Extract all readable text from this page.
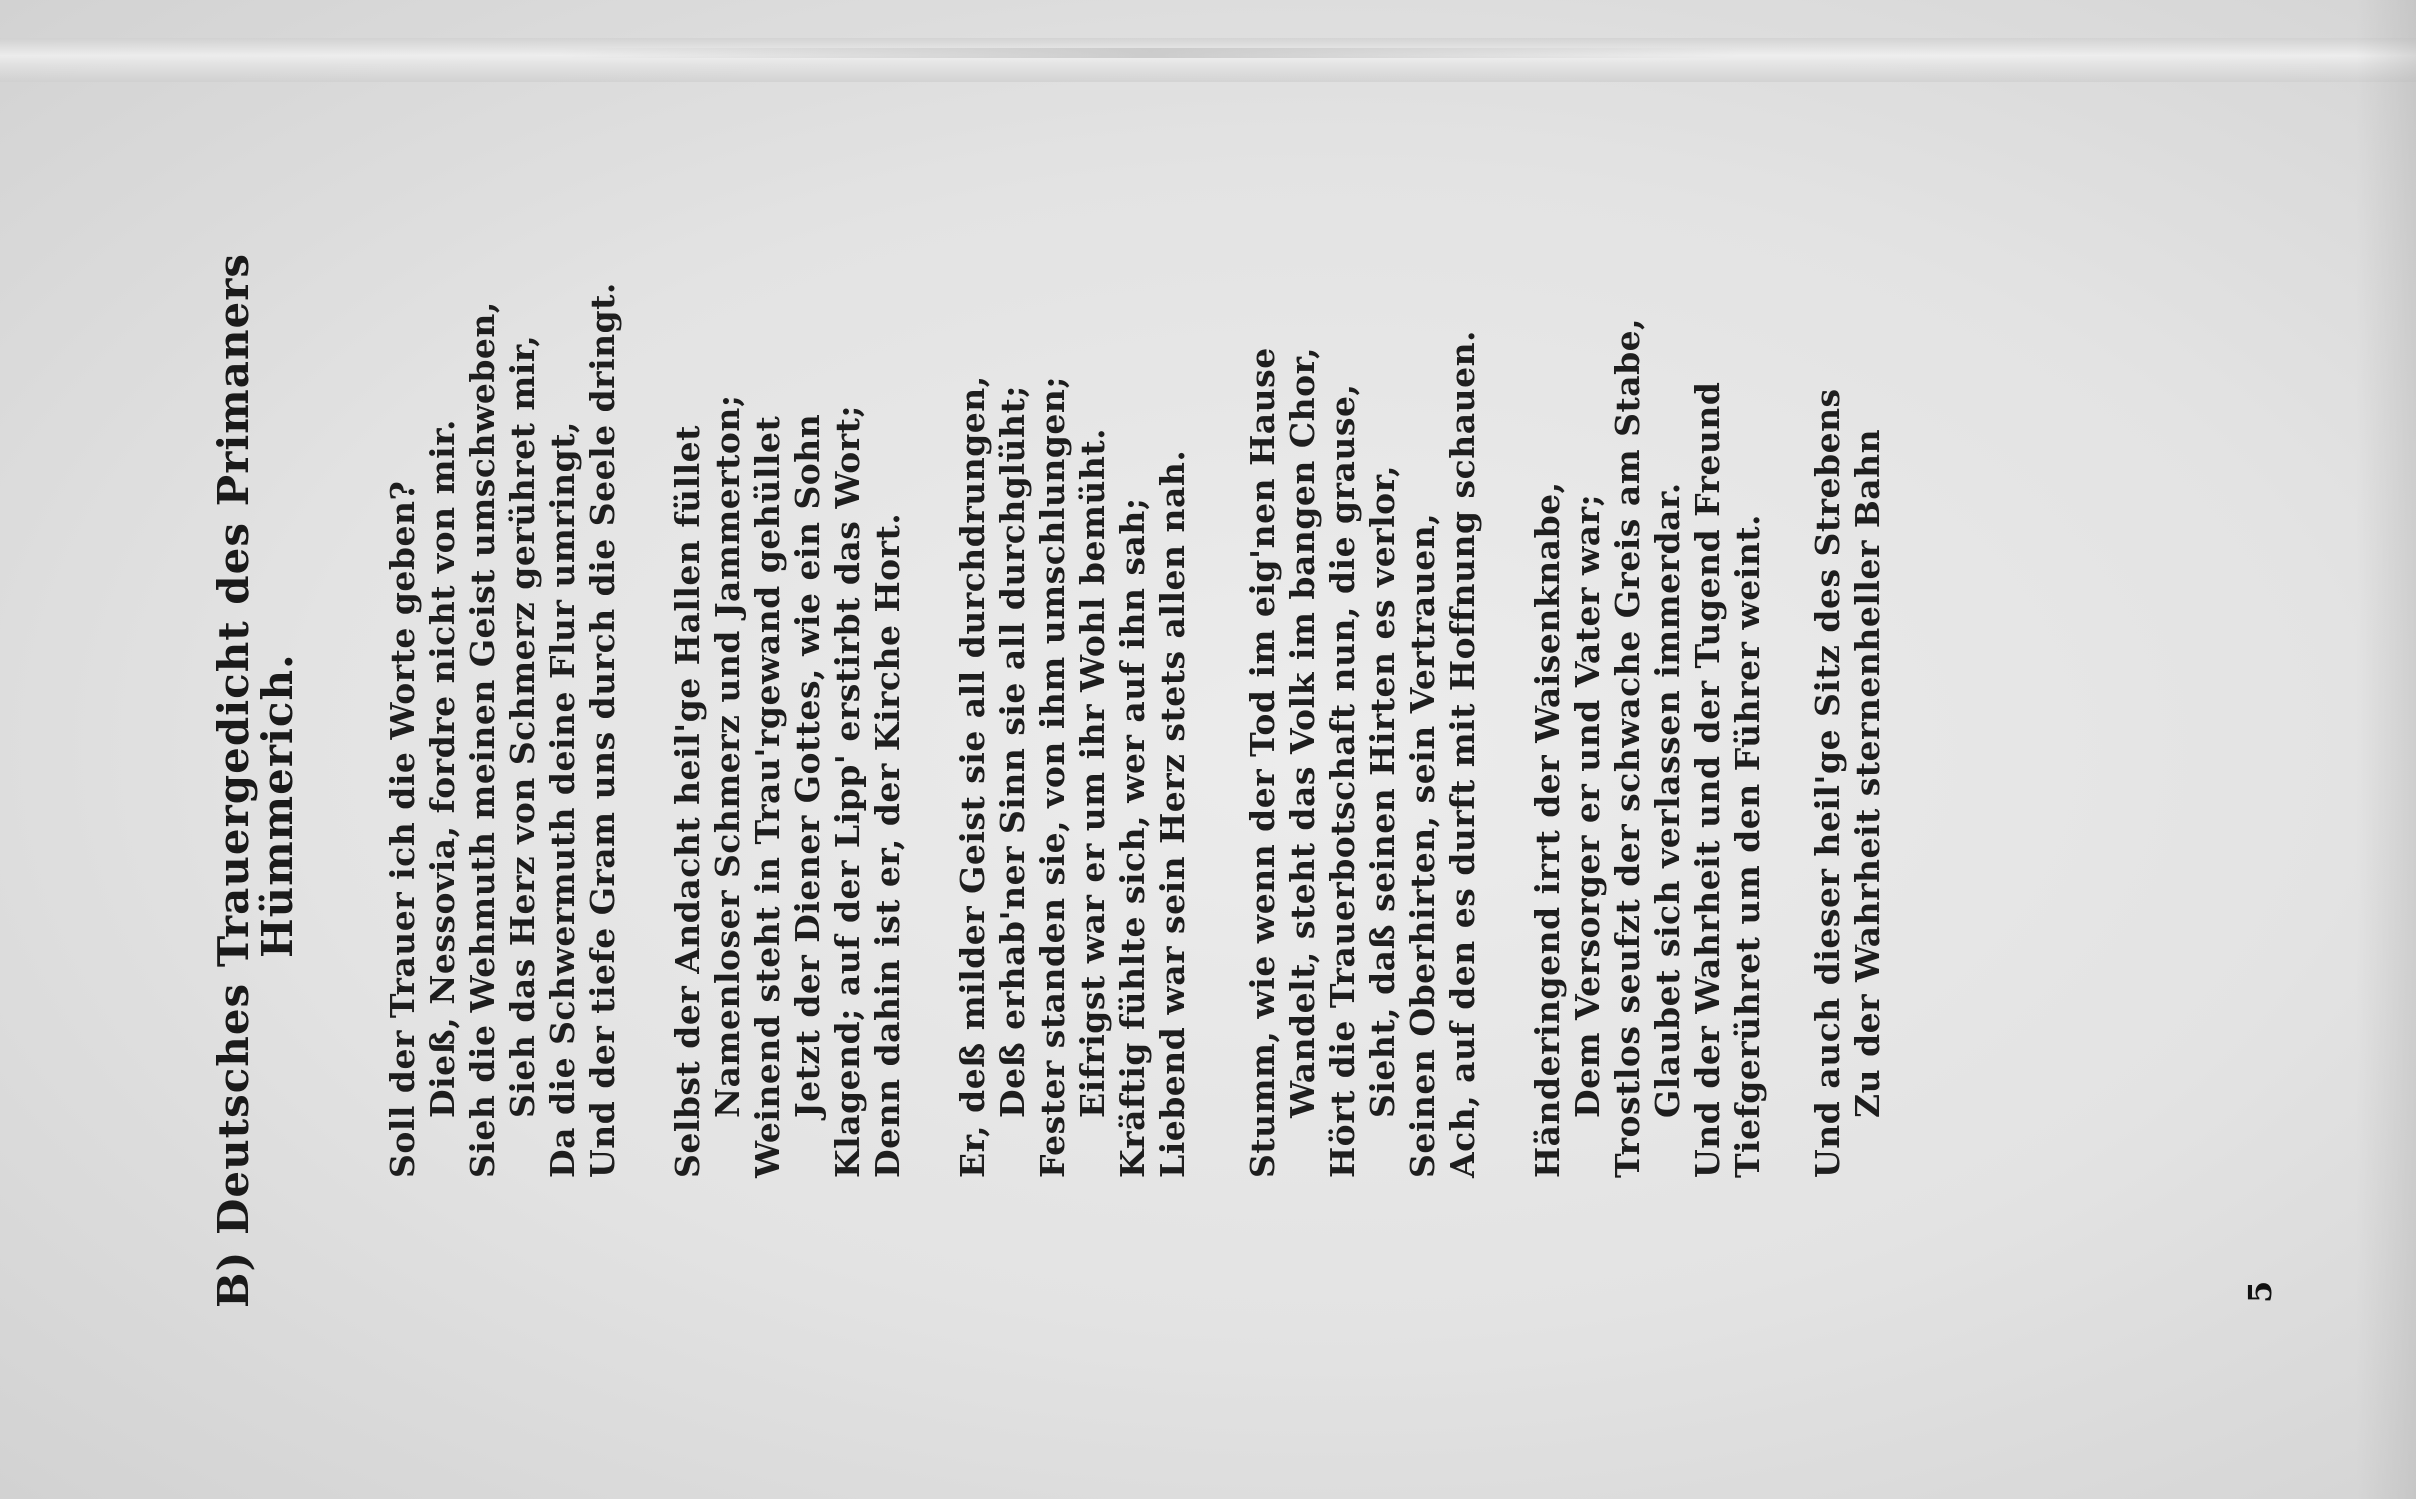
B) Deutsches Trauergedicht des Primaners
Hümmerich. Soll der Trauer ich die Worte geben? Dieß, Nessovia, fordre nicht von mir. Sieh die Wehmuth meinen Geist umschweben, Sieh das Herz von Schmerz gerühret mir, Da die Schwermuth deine Flur umringt, Und der tiefe Gram uns durch die Seele dringt. Selbst der Andacht heil'ge Hallen füllet Namenloser Schmerz und Jammerton; Weinend steht in Trau'rgewand gehüllet Jetzt der Diener Gottes, wie ein Sohn Klagend; auf der Lipp' erstirbt das Wort; Denn dahin ist er, der Kirche Hort. Er, deß milder Geist sie all durchdrungen, Deß erhab'ner Sinn sie all durchglüht; Fester standen sie, von ihm umschlungen; Eifrigst war er um ihr Wohl bemüht. Kräftig fühlte sich, wer auf ihn sah; Liebend war sein Herz stets allen nah. Stumm, wie wenn der Tod im eig'nen Hause Wandelt, steht das Volk im bangen Chor, Hört die Trauerbotschaft nun, die grause, Sieht, daß seinen Hirten es verlor, Seinen Oberhirten, sein Vertrauen, Ach, auf den es durft mit Hoffnung schauen. Händeringend irrt der Waisenknabe, Dem Versorger er und Vater war; Trostlos seufzt der schwache Greis am Stabe, Glaubet sich verlassen immerdar. Und der Wahrheit und der Tugend Freund Tiefgerühret um den Führer weint. Und auch dieser heil'ge Sitz des Strebens Zu der Wahrheit sternenheller Bahn
5
